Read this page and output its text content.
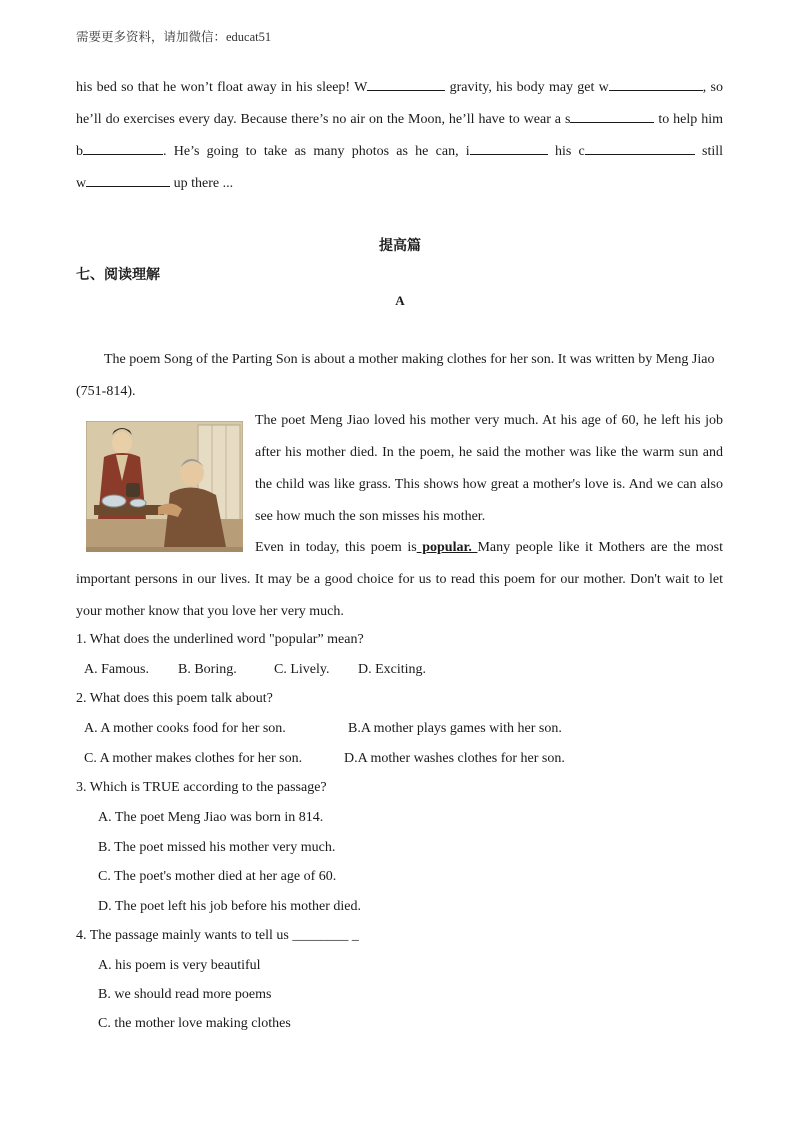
需要更多资料，请加微信：educat51
his bed so that he won’t float away in his sleep! W	gravity, his body may get w	, so
he’ll do exercises every day. Because there’s no air on the Moon, he’ll have to wear a s	to help him
b	. He’s going to take as many photos as he can, i	his c	still
w	up there ...
提高篇
七、阅读理解
A
The poem Song of the Parting Son is about a mother making clothes for her son. It was written by Meng Jiao
(751-814).
The poet Meng Jiao loved his mother very much. At his age of 60, he left his job
after his mother died. In the poem, he said the mother was like the warm sun and
the child was like grass. This shows how great a mother's love is. And we can also
see how much the son misses his mother.
Even in today, this poem is popular. Many people like it Mothers are the most
important persons in our lives. It may be a good choice for us to read this poem for our mother. Don't wait to let
your mother know that you love her very much.
1. What does the underlined word "popular” mean?
A. Famous. B. Boring.	C. Lively. D. Exciting.
2. What does this poem talk about?
A. A mother cooks food for her son.	B.A mother plays games with her son.
C. A mother makes clothes for her son.	D.A mother washes clothes for her son.
3. Which is TRUE according to the passage?
A. The poet Meng Jiao was born in 814.
B. The poet missed his mother very much.
C. The poet's mother died at her age of 60.
D. The poet left his job before his mother died.
4. The passage mainly wants to tell us ________ _
A. his poem is very beautiful
B. we should read more poems
C. the mother love making clothes
